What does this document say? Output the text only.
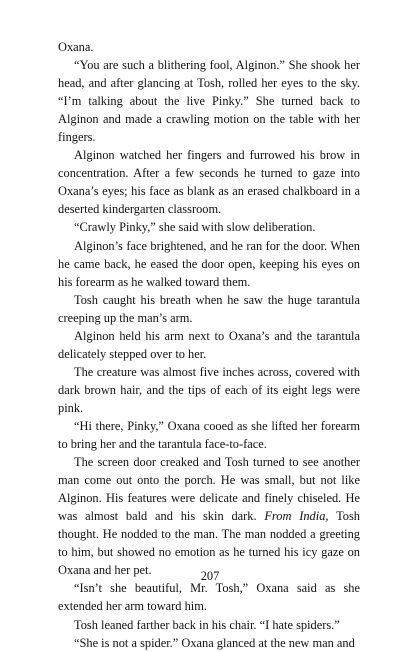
Oxana.

“You are such a blithering fool, Alginon.” She shook her head, and after glancing at Tosh, rolled her eyes to the sky. “I’m talking about the live Pinky.” She turned back to Alginon and made a crawling motion on the table with her fingers.

Alginon watched her fingers and furrowed his brow in concentration. After a few seconds he turned to gaze into Oxana’s eyes; his face as blank as an erased chalkboard in a deserted kindergarten classroom.

“Crawly Pinky,” she said with slow deliberation.

Alginon’s face brightened, and he ran for the door. When he came back, he eased the door open, keeping his eyes on his forearm as he walked toward them.

Tosh caught his breath when he saw the huge tarantula creeping up the man’s arm.

Alginon held his arm next to Oxana’s and the tarantula delicately stepped over to her.

The creature was almost five inches across, covered with dark brown hair, and the tips of each of its eight legs were pink.

“Hi there, Pinky,” Oxana cooed as she lifted her forearm to bring her and the tarantula face-to-face.

The screen door creaked and Tosh turned to see another man come out onto the porch. He was small, but not like Alginon. His features were delicate and finely chiseled. He was almost bald and his skin dark. From India, Tosh thought. He nodded to the man. The man nodded a greeting to him, but showed no emotion as he turned his icy gaze on Oxana and her pet.

“Isn’t she beautiful, Mr. Tosh,” Oxana said as she extended her arm toward him.

Tosh leaned farther back in his chair. “I hate spiders.”

“She is not a spider.” Oxana glanced at the new man and

207
